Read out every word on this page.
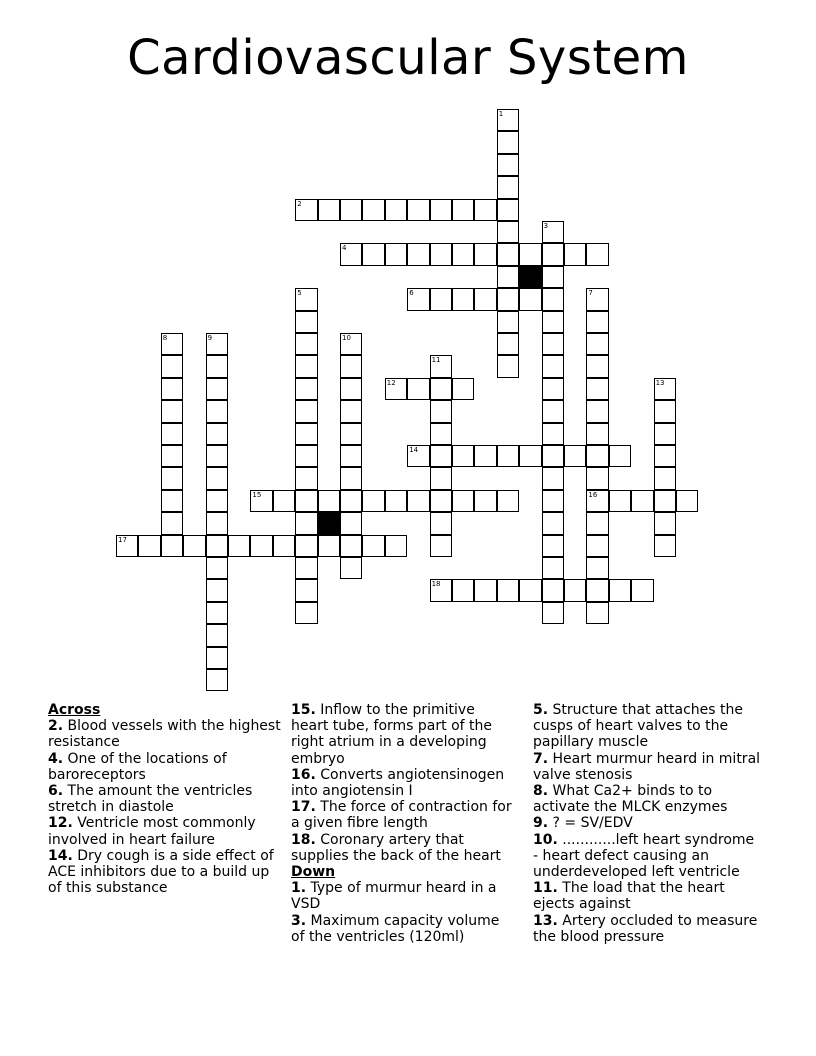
Cardiovascular System
1
2
3
4
5	6	7
16
8	9	10
11
12	13
14
15
17
18
Across
2. Blood vessels with the highest resistance
4. One of the locations of baroreceptors
6. The amount the ventricles stretch in diastole
12. Ventricle most commonly involved in heart failure
14. Dry cough is a side effect of ACE inhibitors due to a build up of this substance
15. Inflow to the primitive heart tube, forms part of the right atrium in a developing embryo
16. Converts angiotensinogen into angiotensin I
17. The force of contraction for a given fibre length
18. Coronary artery that supplies the back of the heart
Down
1. Type of murmur heard in a VSD
3. Maximum capacity volume of the ventricles (120ml)
5. Structure that attaches the cusps of heart valves to the papillary muscle
7. Heart murmur heard in mitral valve stenosis
8. What Ca2+ binds to to activate the MLCK enzymes
9. ? = SV/EDV
10. ............left heart syndrome - heart defect causing an underdeveloped left ventricle
11. The load that the heart ejects against
13. Artery occluded to measure the blood pressure
